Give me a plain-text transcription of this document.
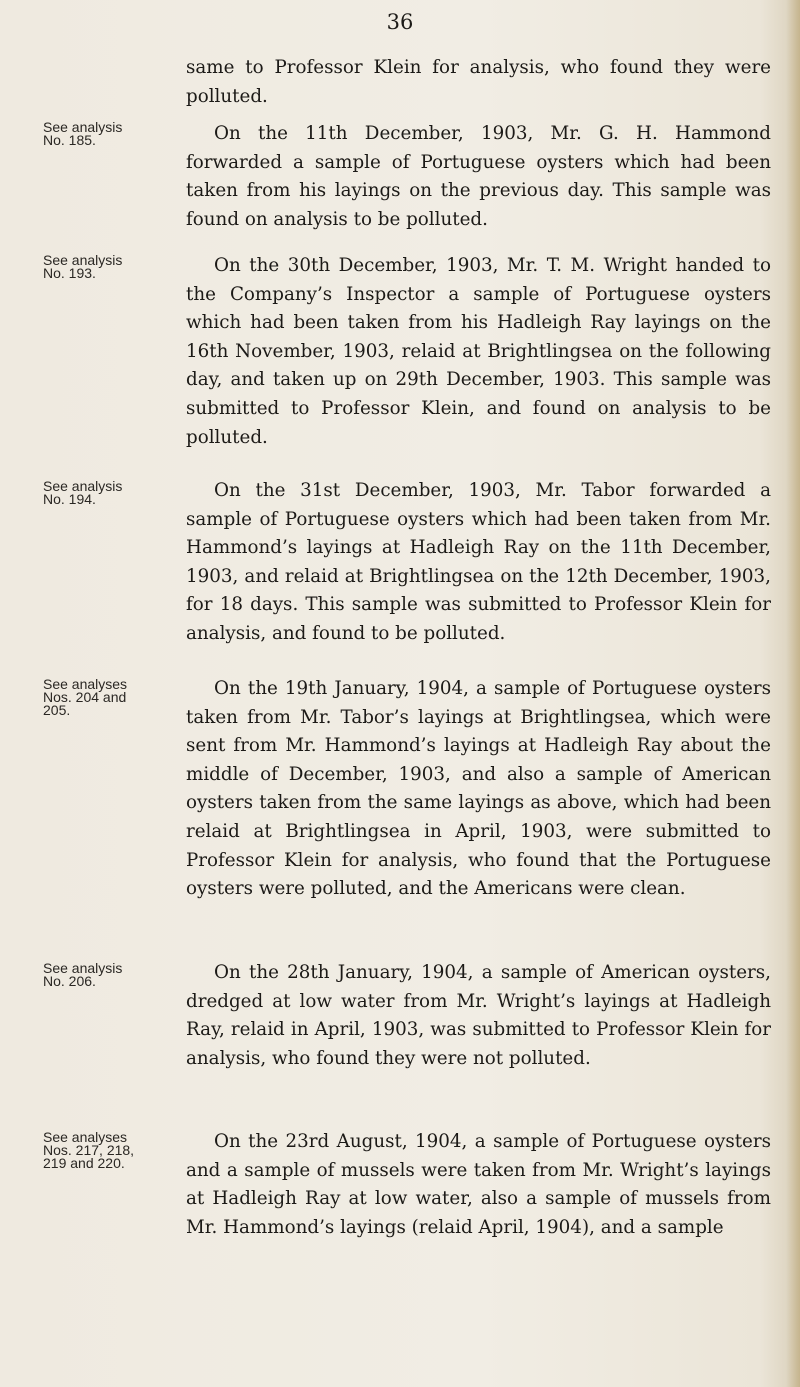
36

same to Professor Klein for analysis, who found they were polluted.

See analysis
No. 185.
See analysis
No. 193.
See analysis
No. 194.
See analyses
Nos. 204 and
205.
See analysis
No. 206.
See analyses
Nos. 217, 218,
219 and 220.

On the 11th December, 1903, Mr. G. H. Hammond forwarded a sample of Portuguese oysters which had been taken from his layings on the previous day. This sample was found on analysis to be polluted.

On the 30th December, 1903, Mr. T. M. Wright handed to the Company’s Inspector a sample of Portuguese oysters which had been taken from his Hadleigh Ray layings on the 16th November, 1903, relaid at Brightlingsea on the following day, and taken up on 29th December, 1903. This sample was submitted to Professor Klein, and found on analysis to be polluted.

On the 31st December, 1903, Mr. Tabor forwarded a sample of Portuguese oysters which had been taken from Mr. Hammond’s layings at Hadleigh Ray on the 11th December, 1903, and relaid at Brightlingsea on the 12th December, 1903, for 18 days. This sample was submitted to Professor Klein for analysis, and found to be polluted.

On the 19th January, 1904, a sample of Portuguese oysters taken from Mr. Tabor’s layings at Brightlingsea, which were sent from Mr. Hammond’s layings at Hadleigh Ray about the middle of December, 1903, and also a sample of American oysters taken from the same layings as above, which had been relaid at Brightlingsea in April, 1903, were submitted to Professor Klein for analysis, who found that the Portuguese oysters were polluted, and the Americans were clean.

On the 28th January, 1904, a sample of American oysters, dredged at low water from Mr. Wright’s layings at Hadleigh Ray, relaid in April, 1903, was submitted to Professor Klein for analysis, who found they were not polluted.

On the 23rd August, 1904, a sample of Portuguese oysters and a sample of mussels were taken from Mr. Wright’s layings at Hadleigh Ray at low water, also a sample of mussels from Mr. Hammond’s layings (relaid April, 1904), and a sample
